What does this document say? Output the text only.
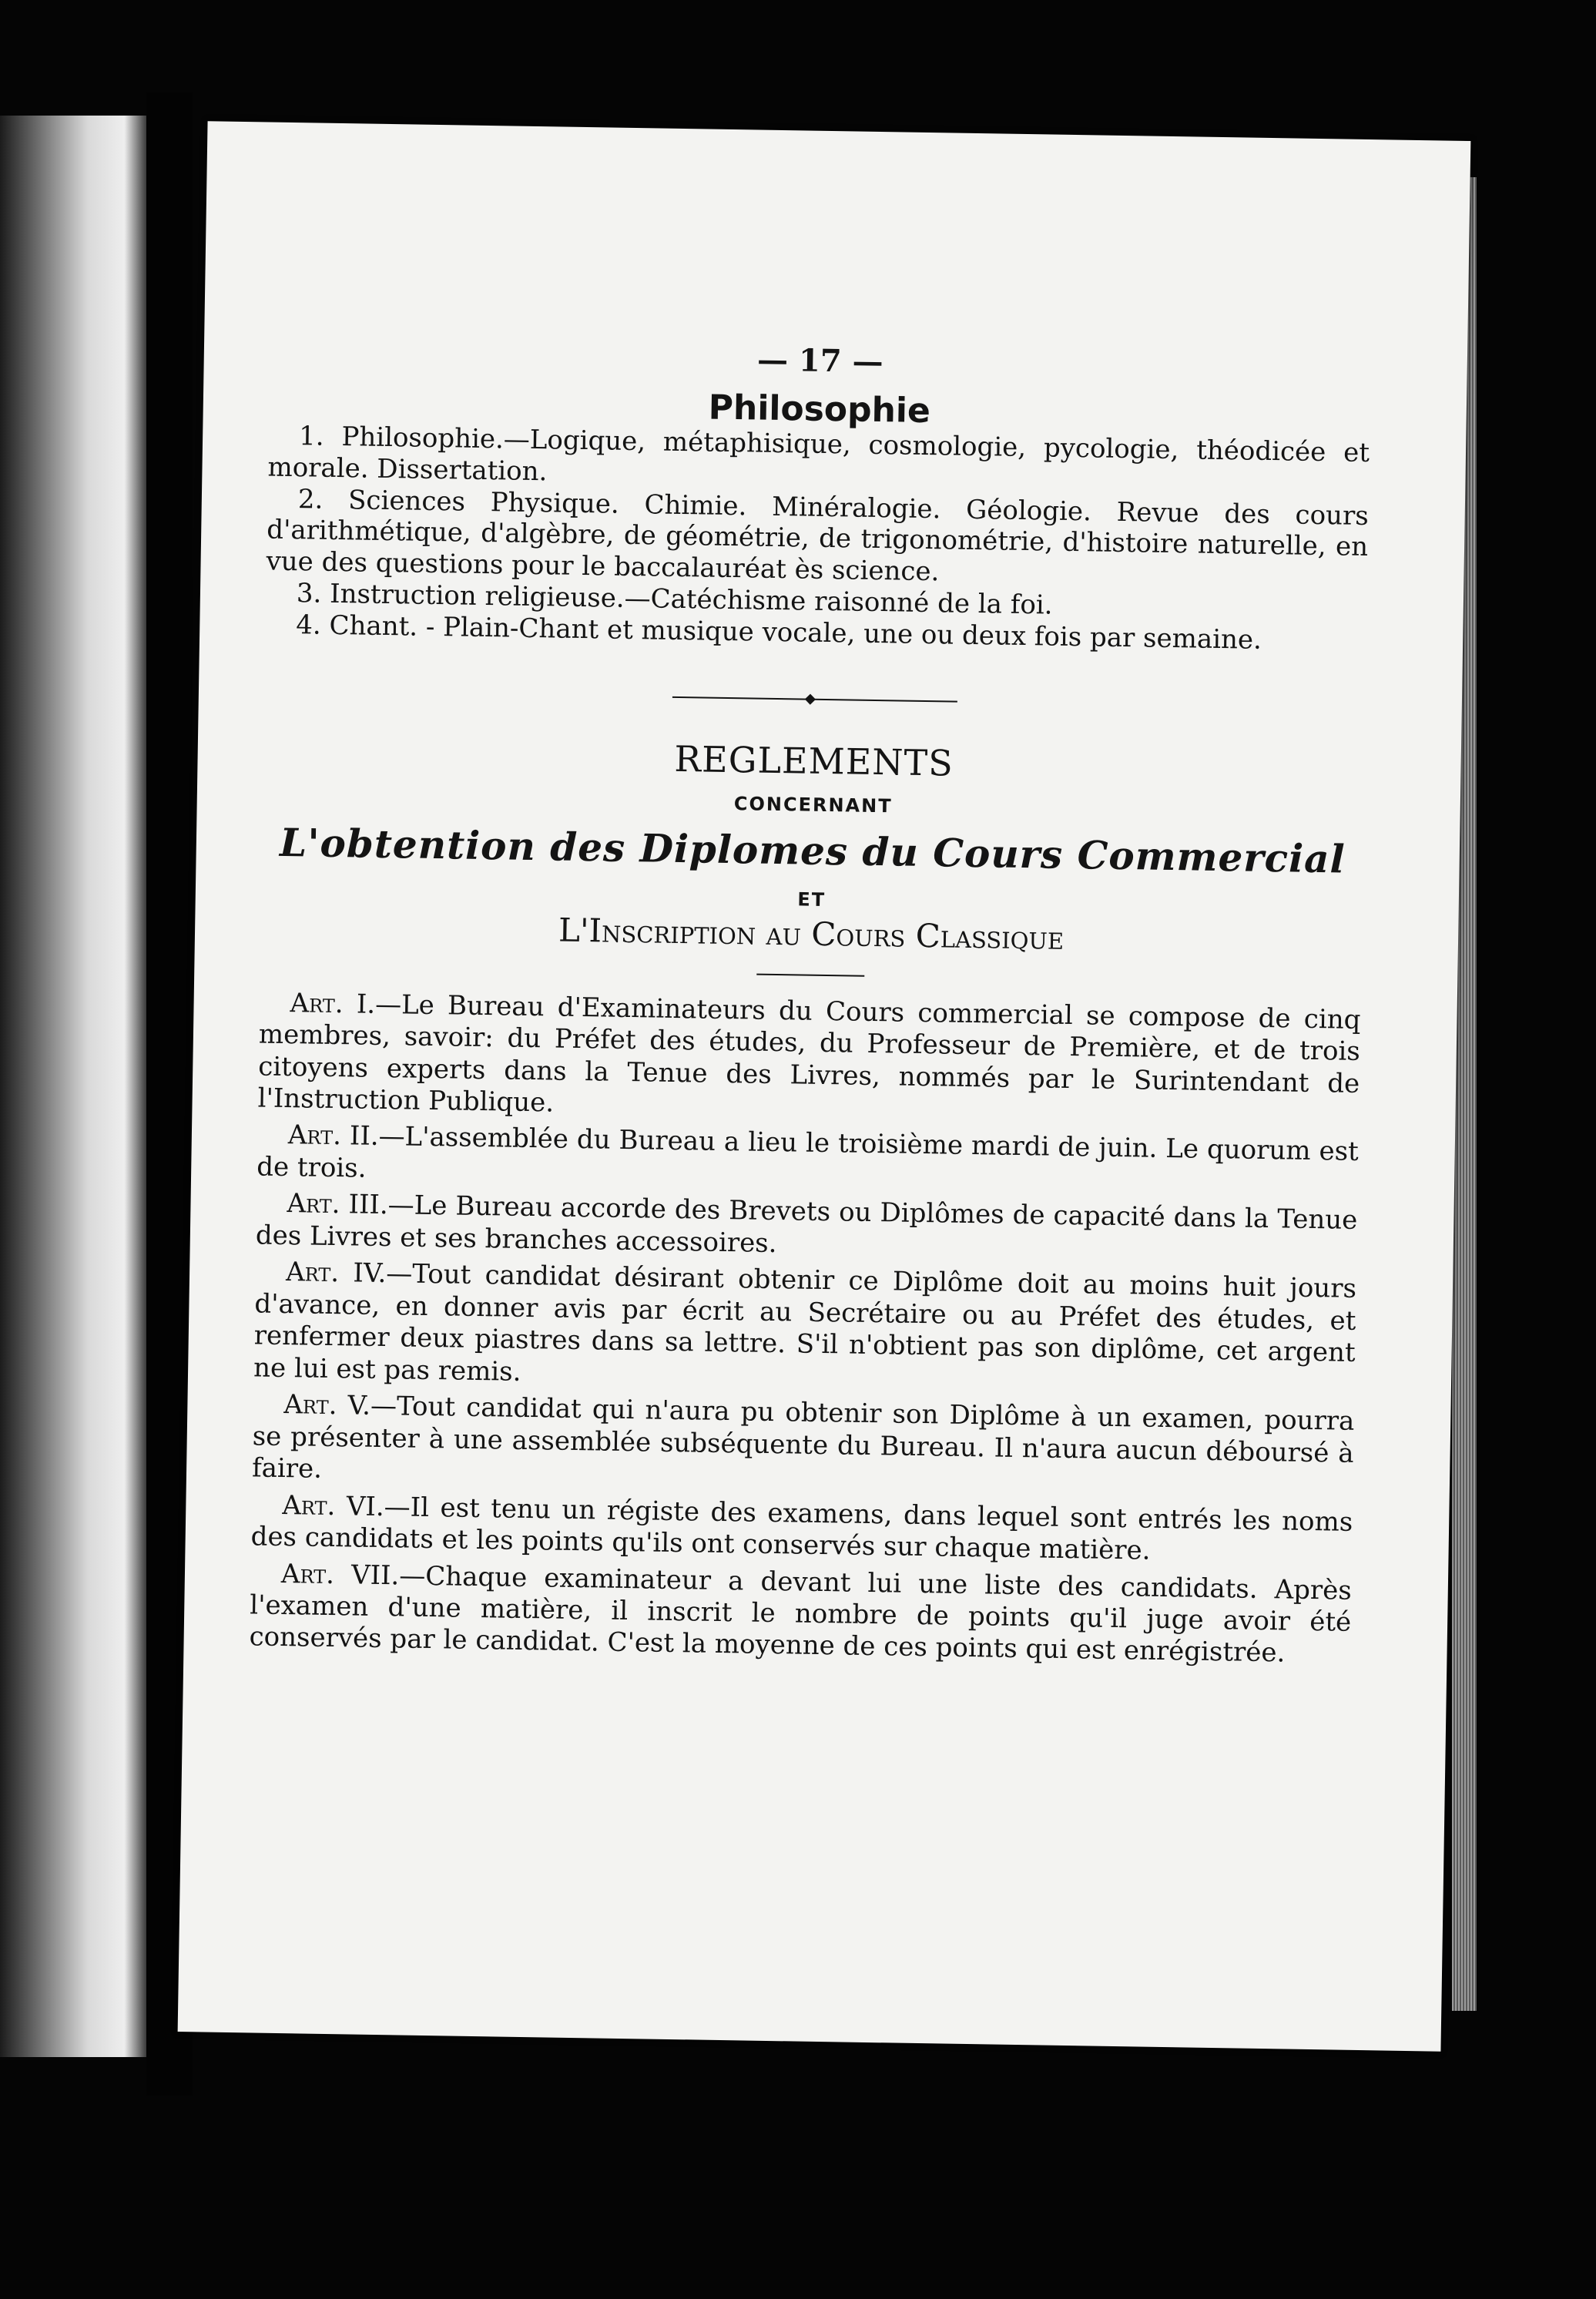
— 17 —
Philosophie

1. Philosophie.—Logique, métaphisique, cosmologie, pycologie, théodicée et morale. Dissertation.

2. Sciences Physique. Chimie. Minéralogie. Géologie. Revue des cours d'arithmétique, d'algèbre, de géométrie, de trigonométrie, d'histoire naturelle, en vue des questions pour le baccalauréat ès science.

3. Instruction religieuse.—Catéchisme raisonné de la foi.

4. Chant. - Plain-Chant et musique vocale, une ou deux fois par semaine.

REGLEMENTS
CONCERNANT
L'obtention des Diplomes du Cours Commercial
ET
L'Inscription au Cours Classique

Art. I.—Le Bureau d'Examinateurs du Cours commercial se compose de cinq membres, savoir: du Préfet des études, du Professeur de Première, et de trois citoyens experts dans la Tenue des Livres, nommés par le Surintendant de l'Instruction Publique.

Art. II.—L'assemblée du Bureau a lieu le troisième mardi de juin. Le quorum est de trois.

Art. III.—Le Bureau accorde des Brevets ou Diplômes de capacité dans la Tenue des Livres et ses branches accessoires.

Art. IV.—Tout candidat désirant obtenir ce Diplôme doit au moins huit jours d'avance, en donner avis par écrit au Secrétaire ou au Préfet des études, et renfermer deux piastres dans sa lettre. S'il n'obtient pas son diplôme, cet argent ne lui est pas remis.

Art. V.—Tout candidat qui n'aura pu obtenir son Diplôme à un examen, pourra se présenter à une assemblée subséquente du Bureau. Il n'aura aucun déboursé à faire.

Art. VI.—Il est tenu un régiste des examens, dans lequel sont entrés les noms des candidats et les points qu'ils ont conservés sur chaque matière.

Art. VII.—Chaque examinateur a devant lui une liste des candidats. Après l'examen d'une matière, il inscrit le nombre de points qu'il juge avoir été conservés par le candidat. C'est la moyenne de ces points qui est enrégistrée.
